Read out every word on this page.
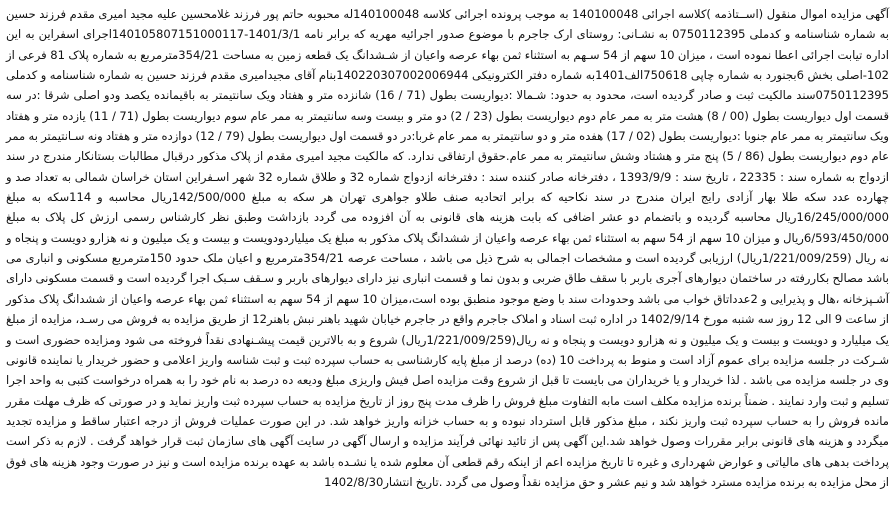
آگهی مزایده اموال منقول (اســتاذمه )کلاسه اجرائی 140100048 به موجب پرونده اجرائی کلاسه 140100048له محبوبه حاتم پور فرزند غلامحسین علیه مجید امیری مقدم فرزند حسین به شماره شناسنامه و کدملی 0750112395 به نشـانی: روستای ارک جاجرم با موضوع صدور اجرائیه مهریه که برابر نامه 1401/3/1-140105807151000117اجرای اسفراین به این اداره تیابت اجرائی اعطا نموده است ، میزان 10 سهم از 54 سـهم به استثناء ثمن بهاء عرصه واعیان از شـشدانگ یک قطعه زمین به مساحت 354/21مترمربع به شماره پلاک 81 فرعی از 102-اصلی بخش 6بجنورد به شماره چاپی 750618الف1401به شماره دفتر الکترونیکی 140220307002006944بنام آقای مجیدامیری مقدم فرزند حسین به شماره شناسنامه و کدملی 0750112395سند مالکیت ثبت و صادر گردیده است، محدود به حدود: شـمالا :دیواریست بطول (71 / 16) شانزده متر و هفتاد ویک سانتیمتر به باقیمانده یکصد ودو اصلی شرقا :در سه قسمت اول دیواریست بطول (00 / 8) هشت متر به ممر عام دوم دیواریست بطول (23 / 2) دو متر و بیست وسه سانتیمتر به ممر عام سوم دیواریست بطول (71 / 11) یازده متر و هفتاد ویک سانتیمتر به ممر عام جنوبا :دیواریست بطول (02 / 17) هفده متر و دو سانتیمتر به ممر عام غربا:در دو قسمت اول دیواریست بطول (79 / 12) دوازده متر و هفتاد ونه سـانتیمتر به ممر عام دوم دیواریست بطول (86 / 5) پنج متر و هشتاد وشش سانتیمتر به ممر عام.حقوق ارتفاقی ندارد. که مالکیت مجید امیری مقدم از پلاک مذکور درقبال مطالبات بستانکار مندرج در سند ازدواج به شماره سند : 22335 ، تاریخ سند : 1393/9/9 ، دفترخانه صادر کننده سند : دفترخانه ازدواج شماره 32 و طلاق شماره 32 شهر اسـفراین استان خراسان شمالی به تعداد صد و چهارده عدد سکه طلا بهار آزادی رایج ایران مندرج در سند نکاحیه که برابر اتحادیه صنف طلاو جواهری تهران هر سکه به مبلغ 142/500/000ریال محاسبه و 114سکه به مبلغ 16/245/000/000ریال محاسبه گردیده و باتضمام دو عشر اضافی که بابت هزینه های قانونی به آن افزوده می گردد بازداشت وطبق نظر کارشناس رسمی ارزش کل پلاک به مبلغ 6/593/450/000ریال و میزان 10 سهم از 54 سهم به استثناء ثمن بهاء عرصه واعیان از ششدانگ پلاک مذکور به مبلغ یک میلیاردودویست و بیست و یک میلیون و نه هزارو دویست و پنجاه و نه ریال (1/221/009/259ریال) ارزیابی گردیده است و مشخصات اجمالی به شرح ذیل می باشد ، مساحت عرصه 354/21مترمربع و اعیان ملک حدود 150مترمربع مسکونی و انباری می باشد مصالح بکاررفته در ساختمان دیوارهای آجری باربر با سقف طاق ضربی و بدون نما و قسمت انباری نیز دارای دیوارهای باربر و سـقف سـبک اجرا گردیده است و قسمت مسکونی دارای آشـپزخانه ،هال و پذیرایی و 2عدداتاق خواب می باشد وحدودات سند با وضع موجود منطبق بوده است،میزان 10 سهم از 54 سهم به استثناء ثمن بهاء عرصه واعیان از ششدانگ پلاک مذکور از ساعت 9 الی 12 روز سه شنبه مورخ 1402/9/14 در اداره ثبت اسناد و املاک جاجرم واقع در جاجرم خیابان شهید باهنر نبش باهنر12 از طریق مزایده به فروش می رسـد، مزایده از مبلغ یک میلیارد و دویست و بیست و یک میلیون و نه هزارو دویست و پنجاه و نه ریال(1/221/009/259ریال) شروع و به بالاترین قیمت پیشـنهادی نقداً فروخته می شود ومزایده حضوری است و شـرکت در جلسه مزایده برای عموم آزاد است و منوط به پرداخت 10 (ده) درصد از مبلغ پایه کارشناسی به حساب سپرده ثبت و ثبت شناسه واریز اعلامی و حضور خریدار یا نماینده قانونی وی در جلسه مزایده می باشد . لذا خریدار و یا خریداران می بایست تا قبل از شروع وقت مزایده اصل فیش واریزی مبلغ ودیعه ده درصد به نام خود را به همراه درخواست کتبی به واحد اجرا تسلیم و ثبت وارد نمایند . ضمناً برنده مزایده مکلف است مابه التفاوت مبلغ فروش را ظرف مدت پنج روز از تاریخ مزایده به حساب سپرده ثبت واریز نماید و در صورتی که ظرف مهلت مقرر مانده فروش را به حساب سپرده ثبت واریز نکند ، مبلغ مذکور قابل استرداد نبوده و به حساب خزانه واریز خواهد شد. در این صورت عملیات فروش از درجه اعتبار ساقط و مزایده تجدید میگردد و هزینه های قانونی برابر مقررات وصول خواهد شد.این آگهی پس از تائید نهائی فرآیند مزایده و ارسال آگهی در سایت آگهی های سازمان ثبت قرار خواهد گرفت . لازم به ذکر است پرداخت بدهی های مالیاتی و عوارض شهرداری و غیره تا تاریخ مزایده اعم از اینکه رقم قطعی آن معلوم شده یا نشـده باشد به عهده برنده مزایده است و نیز در صورت وجود هزینه های فوق از محل مزایده به برنده مزایده مسترد خواهد شد و نیم عشر و حق مزایده نقداً وصول می گردد .تاریخ انتشار1402/8/30
